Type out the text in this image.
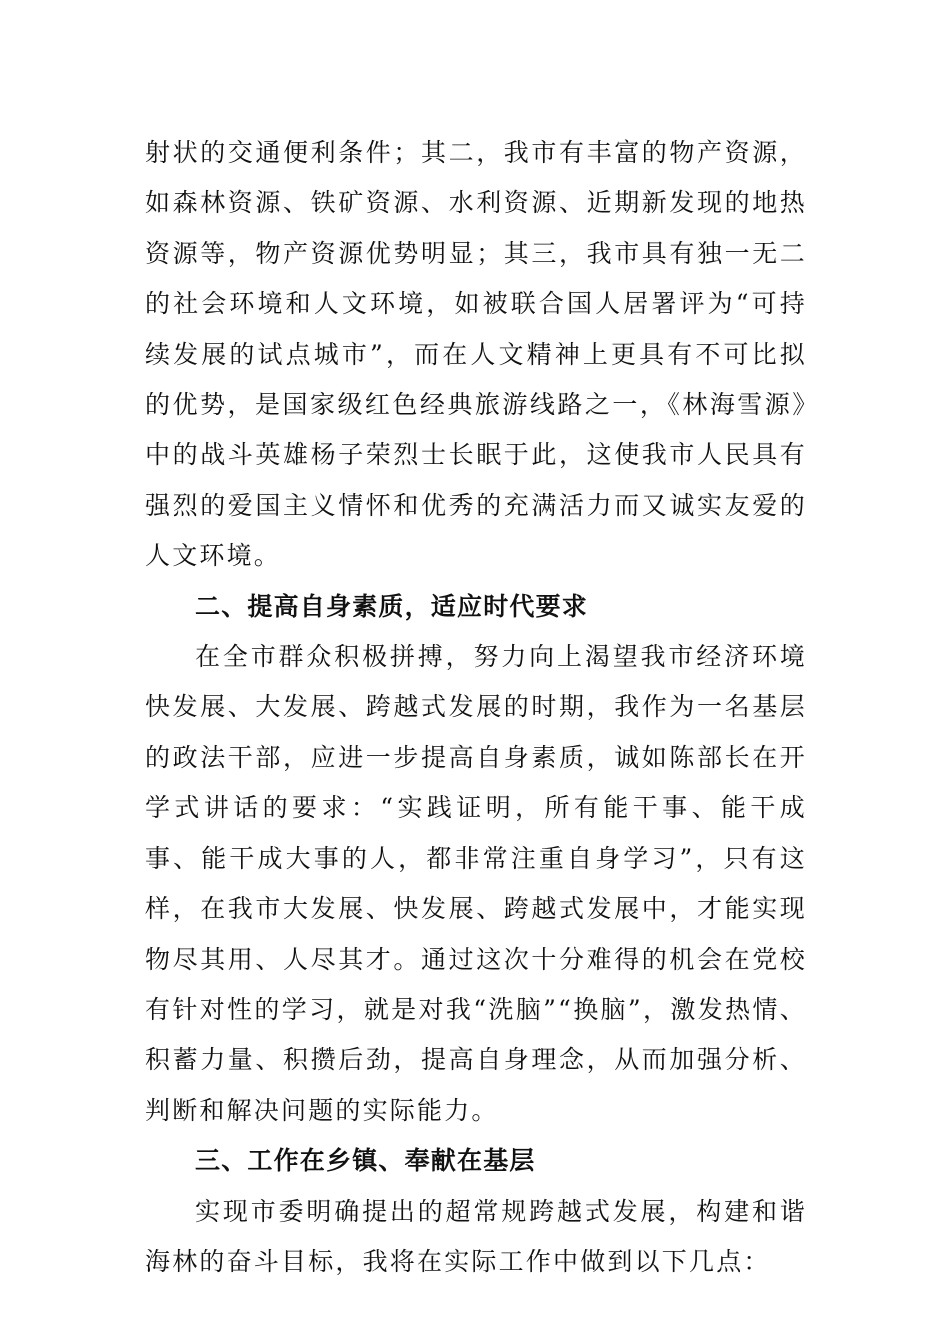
射状的交通便利条件；其二，我市有丰富的物产资源，如森林资源、铁矿资源、水利资源、近期新发现的地热资源等，物产资源优势明显；其三，我市具有独一无二的社会环境和人文环境，如被联合国人居署评为“可持续发展的试点城市”，而在人文精神上更具有不可比拟的优势，是国家级红色经典旅游线路之一，《林海雪源》中的战斗英雄杨子荣烈士长眠于此，这使我市人民具有强烈的爱国主义情怀和优秀的充满活力而又诚实友爱的人文环境。

二、提高自身素质，适应时代要求

在全市群众积极拼搏，努力向上渴望我市经济环境快发展、大发展、跨越式发展的时期，我作为一名基层的政法干部，应进一步提高自身素质，诚如陈部长在开学式讲话的要求：“实践证明，所有能干事、能干成事、能干成大事的人，都非常注重自身学习”，只有这样，在我市大发展、快发展、跨越式发展中，才能实现物尽其用、人尽其才。通过这次十分难得的机会在党校有针对性的学习，就是对我“洗脑”“换脑”，激发热情、积蓄力量、积攒后劲，提高自身理念，从而加强分析、判断和解决问题的实际能力。

三、工作在乡镇、奉献在基层

实现市委明确提出的超常规跨越式发展，构建和谐海林的奋斗目标，我将在实际工作中做到以下几点：
